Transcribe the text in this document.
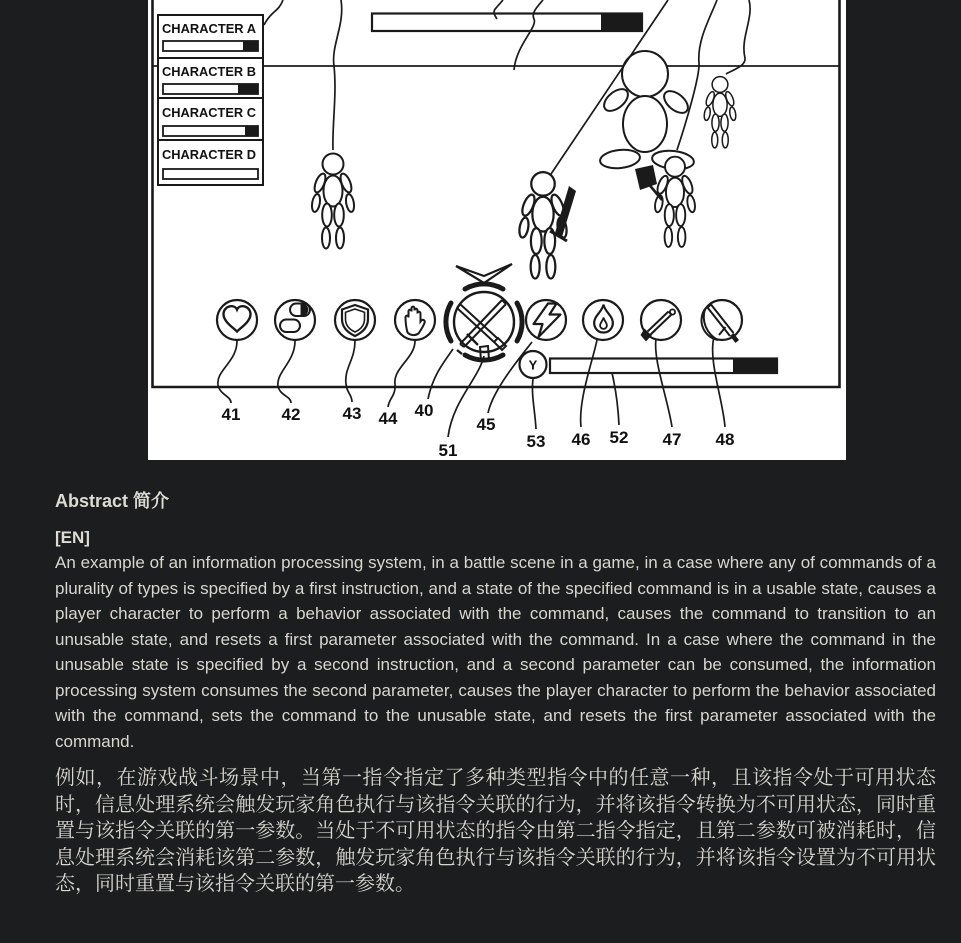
Y
CHARACTER A
CHARACTER B
CHARACTER C
CHARACTER D
41 42 43 44 40
51
45
53 46 52 47 48
Abstract 简介

[EN]

An example of an information processing system, in a battle scene in a game, in a case where any of commands of a plurality of types is specified by a first instruction, and a state of the specified command is in a usable state, causes a player character to perform a behavior associated with the command, causes the command to transition to an unusable state, and resets a first parameter associated with the command. In a case where the command in the unusable state is specified by a second instruction, and a second parameter can be consumed, the information processing system consumes the second parameter, causes the player character to perform the behavior associated with the command, sets the command to the unusable state, and resets the first parameter associated with the command.

例如，在游戏战斗场景中，当第一指令指定了多种类型指令中的任意一种，且该指令处于可用状态时，信息处理系统会触发玩家角色执行与该指令关联的行为，并将该指令转换为不可用状态，同时重置与该指令关联的第一参数。当处于不可用状态的指令由第二指令指定，且第二参数可被消耗时，信息处理系统会消耗该第二参数，触发玩家角色执行与该指令关联的行为，并将该指令设置为不可用状态，同时重置与该指令关联的第一参数。
